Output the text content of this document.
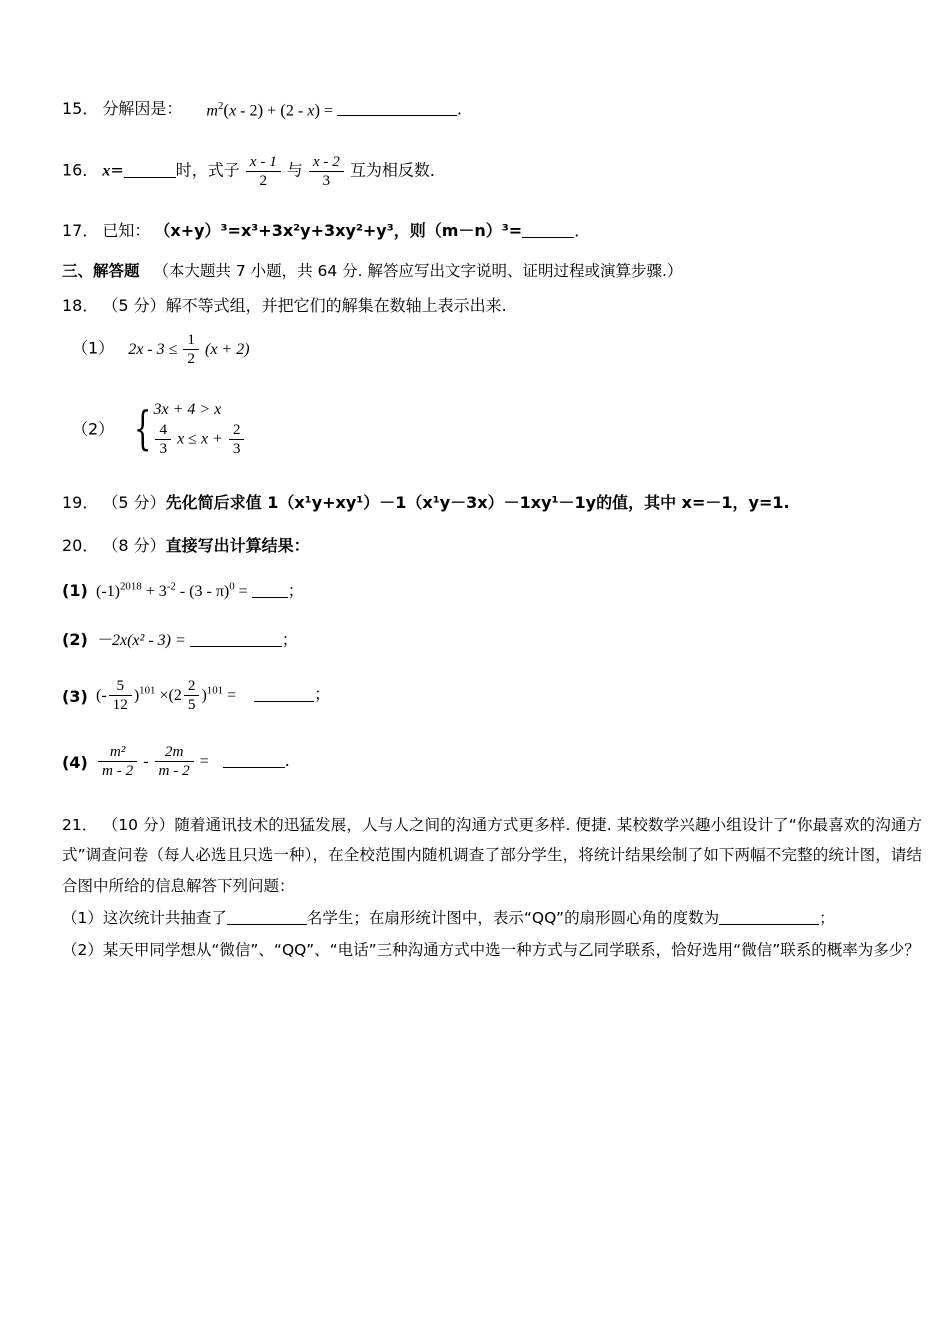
15． 分解因是： $m^2(x - 2) + (2 - x)$ =	．
16． x=	时，式子 $\frac{x - 1}{2}$ 与 $\frac{x - 2}{3}$ 互为相反数．
17． 已知： （x+y）³=x³+3x²y+3xy²+y³，则（m－n）³=	．
三、解答题 （本大题共 7 小题，共 64 分. 解答应写出文字说明、证明过程或演算步骤.）
18． （5 分）解不等式组，并把它们的解集在数轴上表示出来.
（1） $2x - 3 \le \frac{1}{2} (x + 2)$
（2） { 3x + 4 > x
$\frac{4}{3}$ $x \le x + \frac{2}{3}$
19． （5 分）先化简后求值 1（x¹y+xy¹）－1（x¹y－3x）－1xy¹－1y的值，其中 x=－1，y=1.
20． （8 分）直接写出计算结果：
(1) $(-1)^{2018} + 3^{-2} - (3 - \pi)^0$ =	；
(2) －2x(x² - 3) =	；
(3) (- $\frac{5}{12} )^{101} \times(2 \frac{2}{5} )^{101}$ =	；
$(4) \frac{\text{m²}}{m - 2} - \frac{2m}{m - 2}$ =	．
21． （10 分）随着通讯技术的迅猛发展，人与人之间的沟通方式更多样. 便捷. 某校数学兴趣小组设计了“你最喜欢的沟通方式”调查问卷（每人必选且只选一种），在全校范围内随机调查了部分学生，将统计结果绘制了如下两幅不完整的统计图，请结合图中所给的信息解答下列问题：
（1）这次统计共抽查了	名学生；在扇形统计图中，表示“QQ”的扇形圆心角的度数为	；
（2）某天甲同学想从“微信”、“QQ”、“电话”三种沟通方式中选一种方式与乙同学联系，恰好选用“微信”联系的概率为多少？
